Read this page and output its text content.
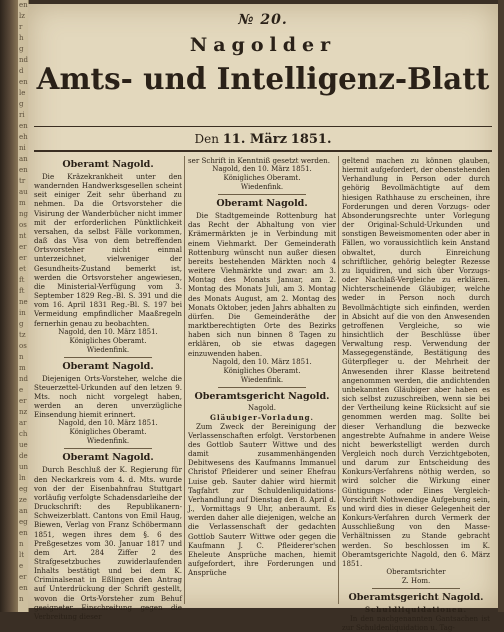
en
lz
r
h
g
nd
d
en
le
g
ri
en
eh
ni
an
en
tr
au
m
ng
os
nt
er
er
et
ft
ft
ne
in
g
tz
os
n
m
nd
e
er
nz
ar
ch
ue
de
un
ln
eg
ze
an
eg
en
n
lt
e
er
en
n
№ 20.
Nagolder
Amts- und Intelligenz-Blatt
Den 11. März 1851.
Oberamt Nagold.

Die Kräzekrankheit unter den wandernden Handwerksgesellen scheint seit einiger Zeit sehr überhand zu nehmen. Da die Ortsvorsteher die Visirung der Wanderbücher nicht immer mit der erforderlichen Pünktlichkeit versahen, da selbst Fälle vorkommen, daß das Visa von dem betreffenden Ortsvorsteher nicht einmal unterzeichnet, vielweniger der Gesundheits-Zustand bemerkt ist, werden die Ortsvorsteher angewiesen, die Ministerial-Verfügung vom 3. September 1829 Reg.-Bl. S. 391 und die vom 16. April 1831 Reg.-Bl. S. 197 bei Vermeidung empfindlicher Maaßregeln fernerhin genau zu beobachten.

Nagold, den 10. März 1851.
Königliches Oberamt.
Wiedenfink.
Oberamt Nagold.

Diejenigen Orts-Vorsteher, welche die Steuerzettel-Urkunden auf den letzen 9. Mts. noch nicht vorgelegt haben, werden an deren unverzügliche Einsendung hiemit erinnert.

Nagold, den 10. März 1851.
Königliches Oberamt.
Wiedenfink.
Oberamt Nagold.

Durch Beschluß der K. Regierung für den Neckarkreis vom 4. d. Mts. wurde von der der Eisenbahnfrau Stuttgart vorläufig verfolgte Schadensdarleihe der Druckschrift: des Republikanern-Schweizerblatt. Cantons von Emil Haug, Biewen, Verlag von Franz Schöbermann 1851, wegen ihres dem §. 6 des Preßgesetzes vom 30. Januar 1817 und dem Art. 284 Ziffer 2 des Strafgesetzbuches zuwiderlaufenden Inhalts bestätigt und bei dem K. Criminalsenat in Eßlingen den Antrag auf Unterdrückung der Schrift gestellt, wovon die Orts-Vorsteher zum Behuf geeigneter Einschreitung gegen die Verbreitung dieser

ser Schrift in Kenntniß gesetzt werden.

Nagold, den 10. März 1851.
Königliches Oberamt.
Wiedenfink.
Oberamt Nagold.

Die Stadtgemeinde Rottenburg hat das Recht der Abhaltung von vier Krämermärkten je in Verbindung mit einem Viehmarkt. Der Gemeinderath Rottenburg wünscht nun außer diesen bereits bestehenden Märkten noch 4 weitere Viehmärkte und zwar: am 3. Montag des Monats Januar, am 2. Montag des Monats Juli, am 3. Montag des Monats August, am 2. Montag des Monats Oktober, jeden Jahrs abhalten zu dürfen. Die Gemeinderäthe der marktberechtigten Orte des Bezirks haben sich nun binnen 8 Tagen zu erklären, ob sie etwas dagegen einzuwenden haben.

Nagold, den 10. März 1851.
Königliches Oberamt.
Wiedenfink.
Oberamtsgericht Nagold.
Nagold.
Gläubiger-Vorladung.

Zum Zweck der Bereinigung der Verlassenschaften erfolgt. Verstorbenen des Gottlob Sauterr Wittwe und des damit zusammenhängenden Debitwesens des Kaufmanns Immanuel Christof Pfleiderer und seiner Ehefrau Luise geb. Sauter dahier wird hiermit Tagfahrt zur Schuldenliquidations-Verhandlung auf Dienstag den 8. April d. J., Vormittags 9 Uhr, anberaumt. Es werden daher alle diejenigen, welche an die Verlassenschaft der gedachten Gottlob Sauterr Wittwe oder gegen die Kaufmann J. C. Pfleiderer'schen Eheleute Ansprüche machen, hiemit aufgefordert, ihre Forderungen und Ansprüche

geltend machen zu können glauben, hiermit aufgefordert, der obenstehenden Verhandlung in Person oder durch gehörig Bevollmächtigte auf dem hiesigen Rathhause zu erscheinen, ihre Forderungen und deren Vorzugs- oder Absonderungsrechte unter Vorlegung der Original-Schuld-Urkunden und sonstigen Beweismomenten oder aber in Fällen, wo voraussichtlich kein Anstand obwaltet, durch Einreichung schriftlicher, gehörig belegter Rezesse zu liquidiren, und sich über Vorzugs- oder Nachlaß-Vergleiche zu erklären. Nichterscheinende Gläubiger, welche weder in Person noch durch Bevollmächtigte sich einfinden, werden in Absicht auf die von den Anwesenden getroffenen Vergleiche, so wie hinsichtlich der Beschlüsse über Verwaltung resp. Verwendung der Massegegenstände, Bestätigung des Güterpfleger u. der Mehrheit der Anwesenden ihrer Klasse beitretend angenommen werden, die andichtenden unbekannten Gläubiger aber haben es sich selbst zuzuschreiben, wenn sie bei der Vertheilung keine Rücksicht auf sie genommen werden mag. Sollte bei dieser Verhandlung die bezwecke angestrebte Aufnahme in andere Weise nicht bewerkstelligt werden durch Vergleich noch durch Verzichtgeboten, und darum zur Entscheidung des Konkurs-Verfahrens nöthig werden, so wird solcher die Wirkung einer Güntigungs- oder Eines Vergleich-Vorschrift Nothwendige Aufgebung sein, und wird dies in dieser Gelegenheit der Konkurs-Verfahren durch Vermerk der Ausschließung von den Masse-Verhältnissen zu Stande gebracht werden. So beschlossen im K. Oberamtsgerichte Nagold, den 6. März 1851.

Oberamtsrichter
Z. Hom.
Oberamtsgericht Nagold.
Schuldliquidationen.

In den nachgenannten Gantsachen ist zur Schuldenliquidation u. Tag-
